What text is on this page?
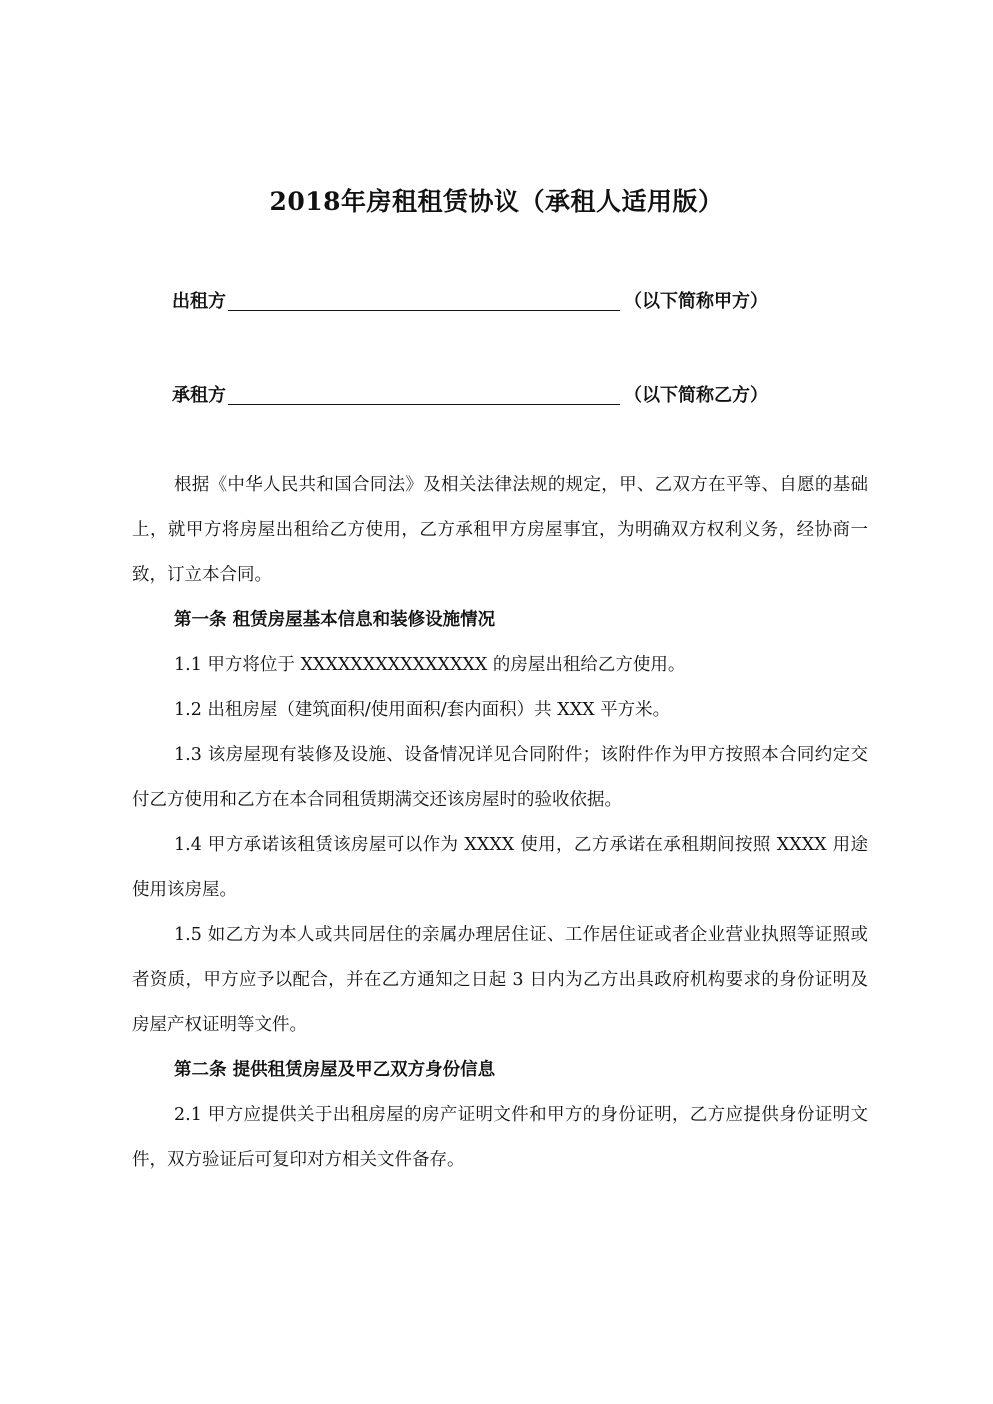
2018年房租租赁协议（承租人适用版）
出租方	（以下简称甲方）
承租方	（以下简称乙方）

根据《中华人民共和国合同法》及相关法律法规的规定，甲、乙双方在平等、自愿的基础上，就甲方将房屋出租给乙方使用，乙方承租甲方房屋事宜，为明确双方权利义务，经协商一致，订立本合同。

第一条 租赁房屋基本信息和装修设施情况

1.1 甲方将位于 XXXXXXXXXXXXXXX 的房屋出租给乙方使用。

1.2 出租房屋（建筑面积/使用面积/套内面积）共 XXX 平方米。

1.3 该房屋现有装修及设施、设备情况详见合同附件；该附件作为甲方按照本合同约定交付乙方使用和乙方在本合同租赁期满交还该房屋时的验收依据。

1.4 甲方承诺该租赁该房屋可以作为 XXXX 使用，乙方承诺在承租期间按照 XXXX 用途使用该房屋。

1.5 如乙方为本人或共同居住的亲属办理居住证、工作居住证或者企业营业执照等证照或者资质，甲方应予以配合，并在乙方通知之日起 3 日内为乙方出具政府机构要求的身份证明及房屋产权证明等文件。

第二条 提供租赁房屋及甲乙双方身份信息

2.1 甲方应提供关于出租房屋的房产证明文件和甲方的身份证明，乙方应提供身份证明文件，双方验证后可复印对方相关文件备存。
